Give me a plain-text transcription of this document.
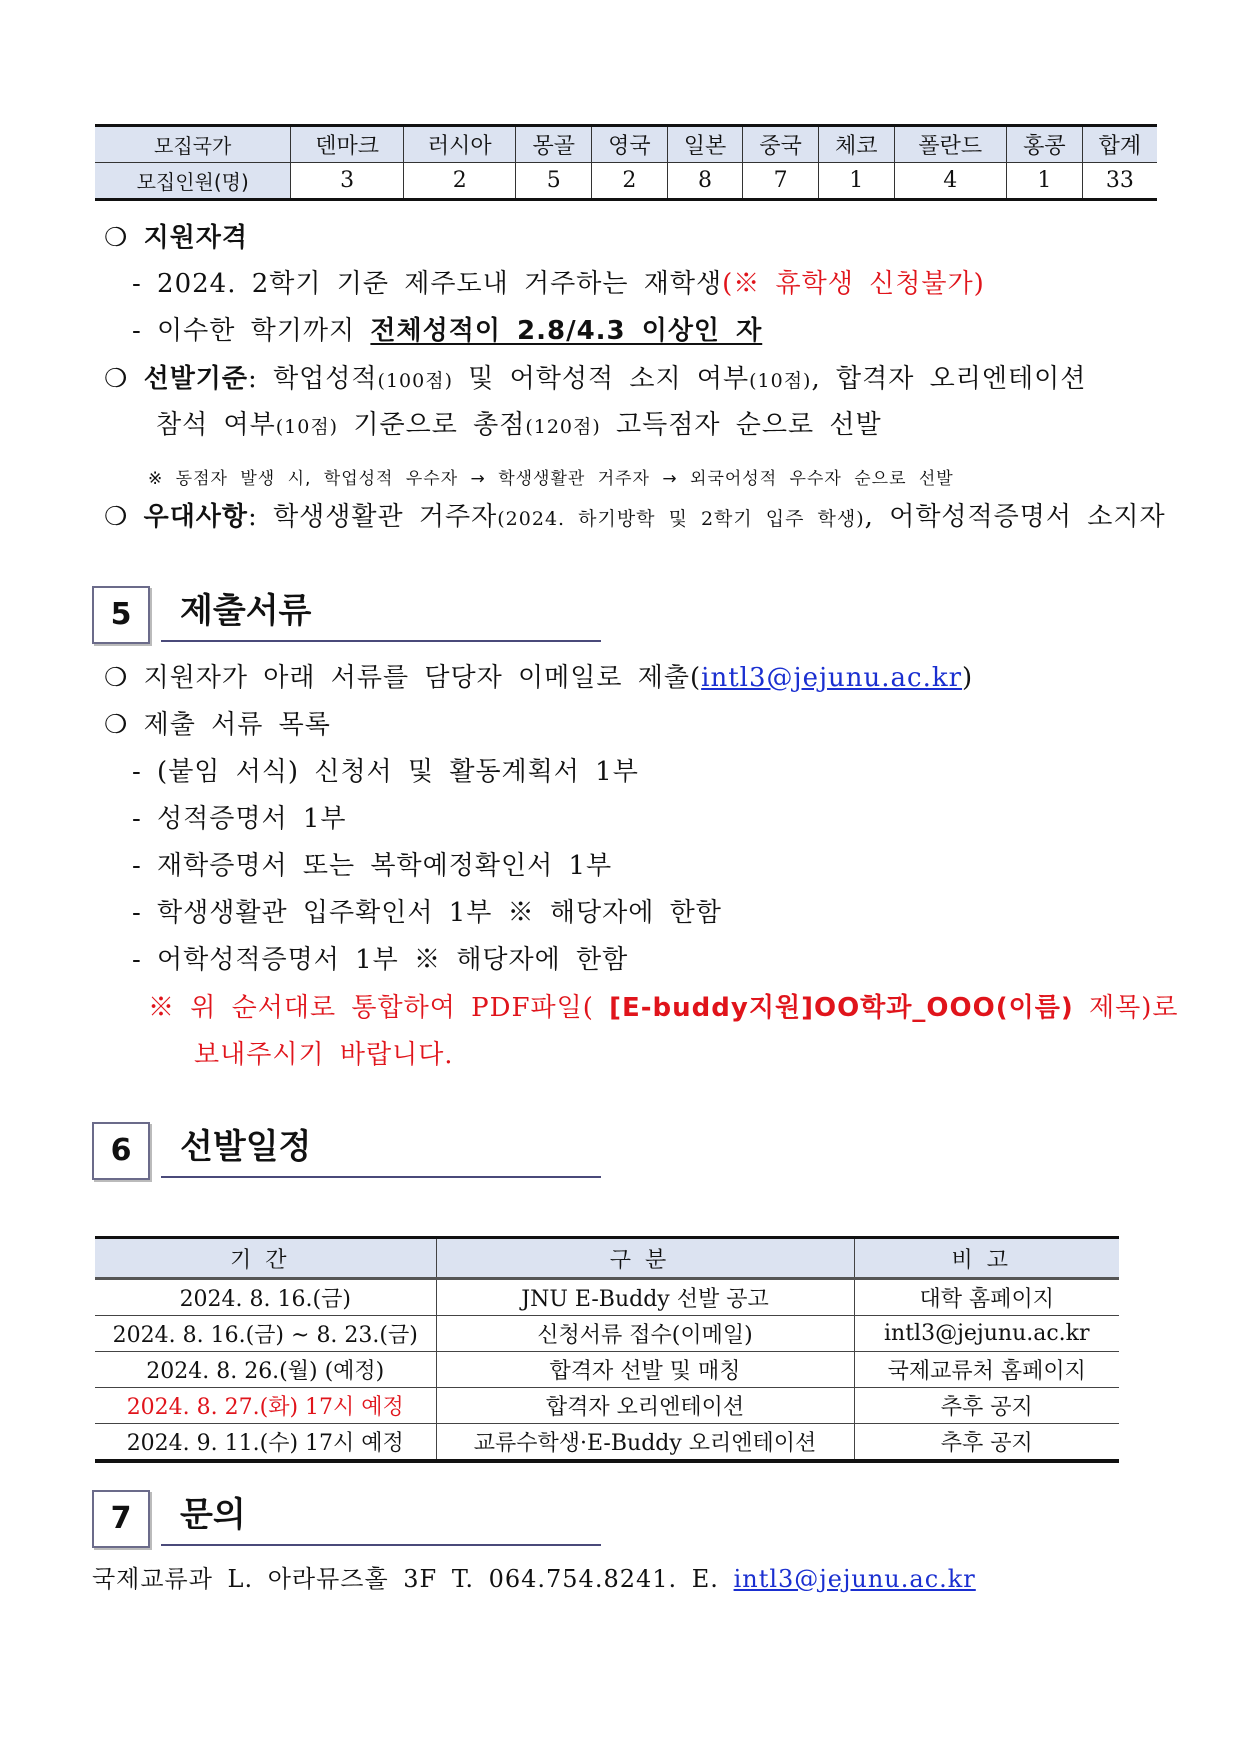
모집국가	덴마크	러시아	몽골	영국	일본	중국	체코	폴란드	홍콩	합계
모집인원(명)	3	2	5	2	8	7	1	4	1	33
❍ 지원자격
- 2024. 2학기 기준 제주도내 거주하는 재학생(※ 휴학생 신청불가)
- 이수한 학기까지 전체성적이 2.8/4.3 이상인 자
❍ 선발기준: 학업성적(100점) 및 어학성적 소지 여부(10점), 합격자 오리엔테이션
참석 여부(10점) 기준으로 총점(120점) 고득점자 순으로 선발
※ 동점자 발생 시, 학업성적 우수자 → 학생생활관 거주자 → 외국어성적 우수자 순으로 선발
❍ 우대사항: 학생생활관 거주자(2024. 하기방학 및 2학기 입주 학생), 어학성적증명서 소지자
5	제출서류
❍ 지원자가 아래 서류를 담당자 이메일로 제출(intl3@jejunu.ac.kr)
❍ 제출 서류 목록
- (붙임 서식) 신청서 및 활동계획서 1부
- 성적증명서 1부
- 재학증명서 또는 복학예정확인서 1부
- 학생생활관 입주확인서 1부 ※ 해당자에 한함
- 어학성적증명서 1부 ※ 해당자에 한함
※ 위 순서대로 통합하여 PDF파일( [E-buddy지원]OO학과_OOO(이름) 제목)로
보내주시기 바랍니다.
6	선발일정
기간	구분	비고
2024. 8. 16.(금)	JNU E-Buddy 선발 공고	대학 홈페이지
2024. 8. 16.(금) ~ 8. 23.(금)	신청서류 접수(이메일)	intl3@jejunu.ac.kr
2024. 8. 26.(월) (예정)	합격자 선발 및 매칭	국제교류처 홈페이지
2024. 8. 27.(화) 17시 예정	합격자 오리엔테이션	추후 공지
2024. 9. 11.(수) 17시 예정	교류수학생·E-Buddy 오리엔테이션	추후 공지
7	문의
국제교류과 L. 아라뮤즈홀 3F T. 064.754.8241. E. intl3@jejunu.ac.kr
